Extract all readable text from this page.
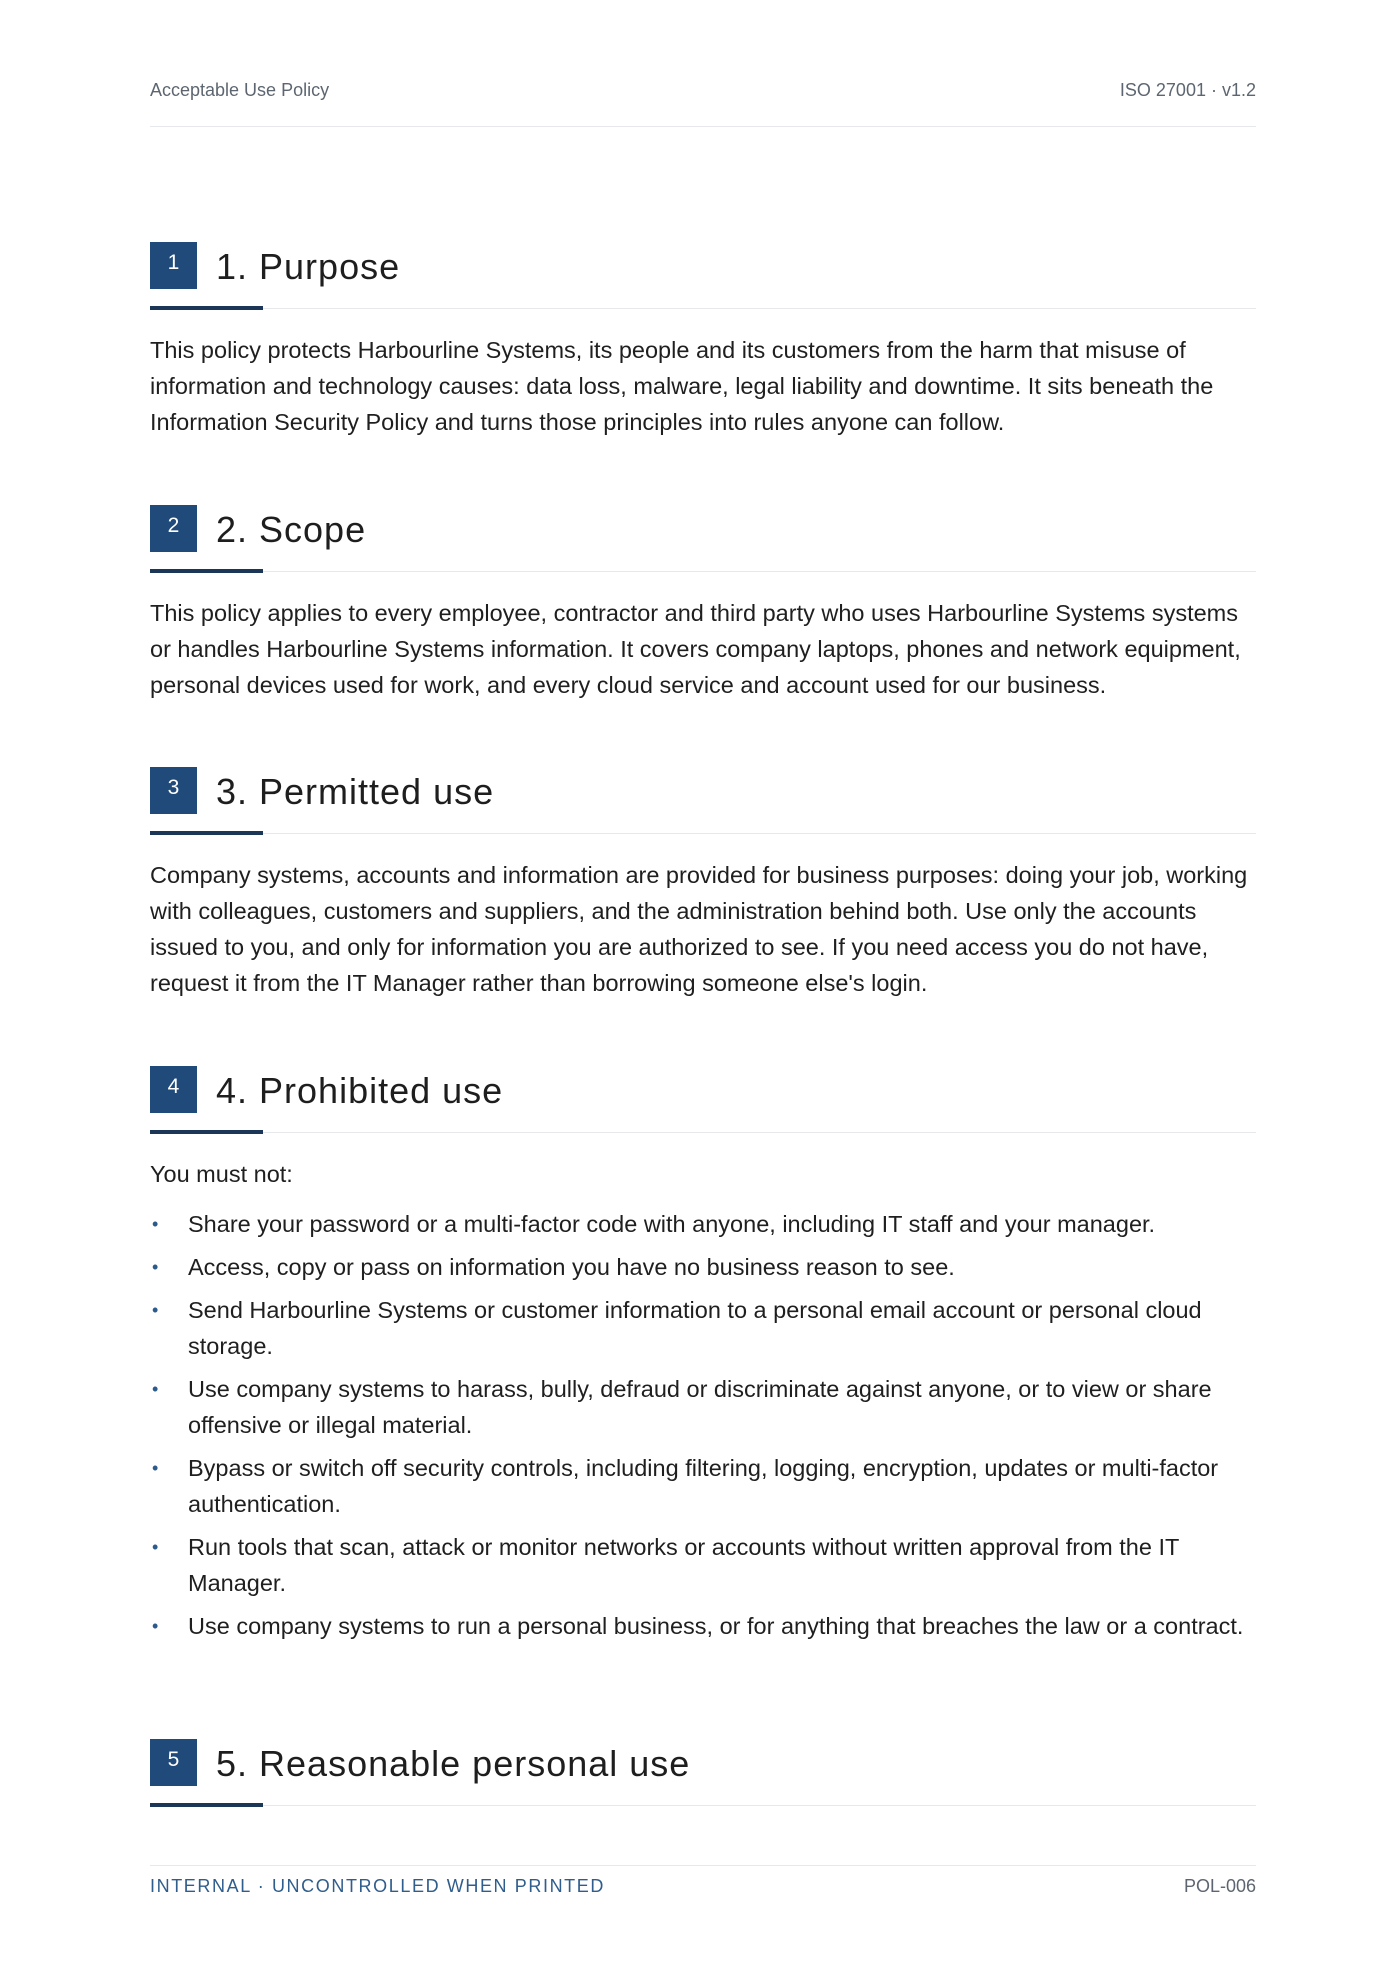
Acceptable Use Policy	ISO 27001 · v1.2
1	1. Purpose

This policy protects Harbourline Systems, its people and its customers from the harm that misuse of information and technology causes: data loss, malware, legal liability and downtime. It sits beneath the Information Security Policy and turns those principles into rules anyone can follow.

2	2. Scope

This policy applies to every employee, contractor and third party who uses Harbourline Systems systems or handles Harbourline Systems information. It covers company laptops, phones and network equipment, personal devices used for work, and every cloud service and account used for our business.

3	3. Permitted use

Company systems, accounts and information are provided for business purposes: doing your job, working with colleagues, customers and suppliers, and the administration behind both. Use only the accounts issued to you, and only for information you are authorized to see. If you need access you do not have, request it from the IT Manager rather than borrowing someone else's login.

4	4. Prohibited use

You must not:

• Share your password or a multi-factor code with anyone, including IT staff and your manager.
• Access, copy or pass on information you have no business reason to see.
• Send Harbourline Systems or customer information to a personal email account or personal cloud storage.
• Use company systems to harass, bully, defraud or discriminate against anyone, or to view or share offensive or illegal material.
• Bypass or switch off security controls, including filtering, logging, encryption, updates or multi-factor authentication.
• Run tools that scan, attack or monitor networks or accounts without written approval from the IT Manager.
• Use company systems to run a personal business, or for anything that breaches the law or a contract.
5	5. Reasonable personal use
INTERNAL · UNCONTROLLED WHEN PRINTED	POL-006
